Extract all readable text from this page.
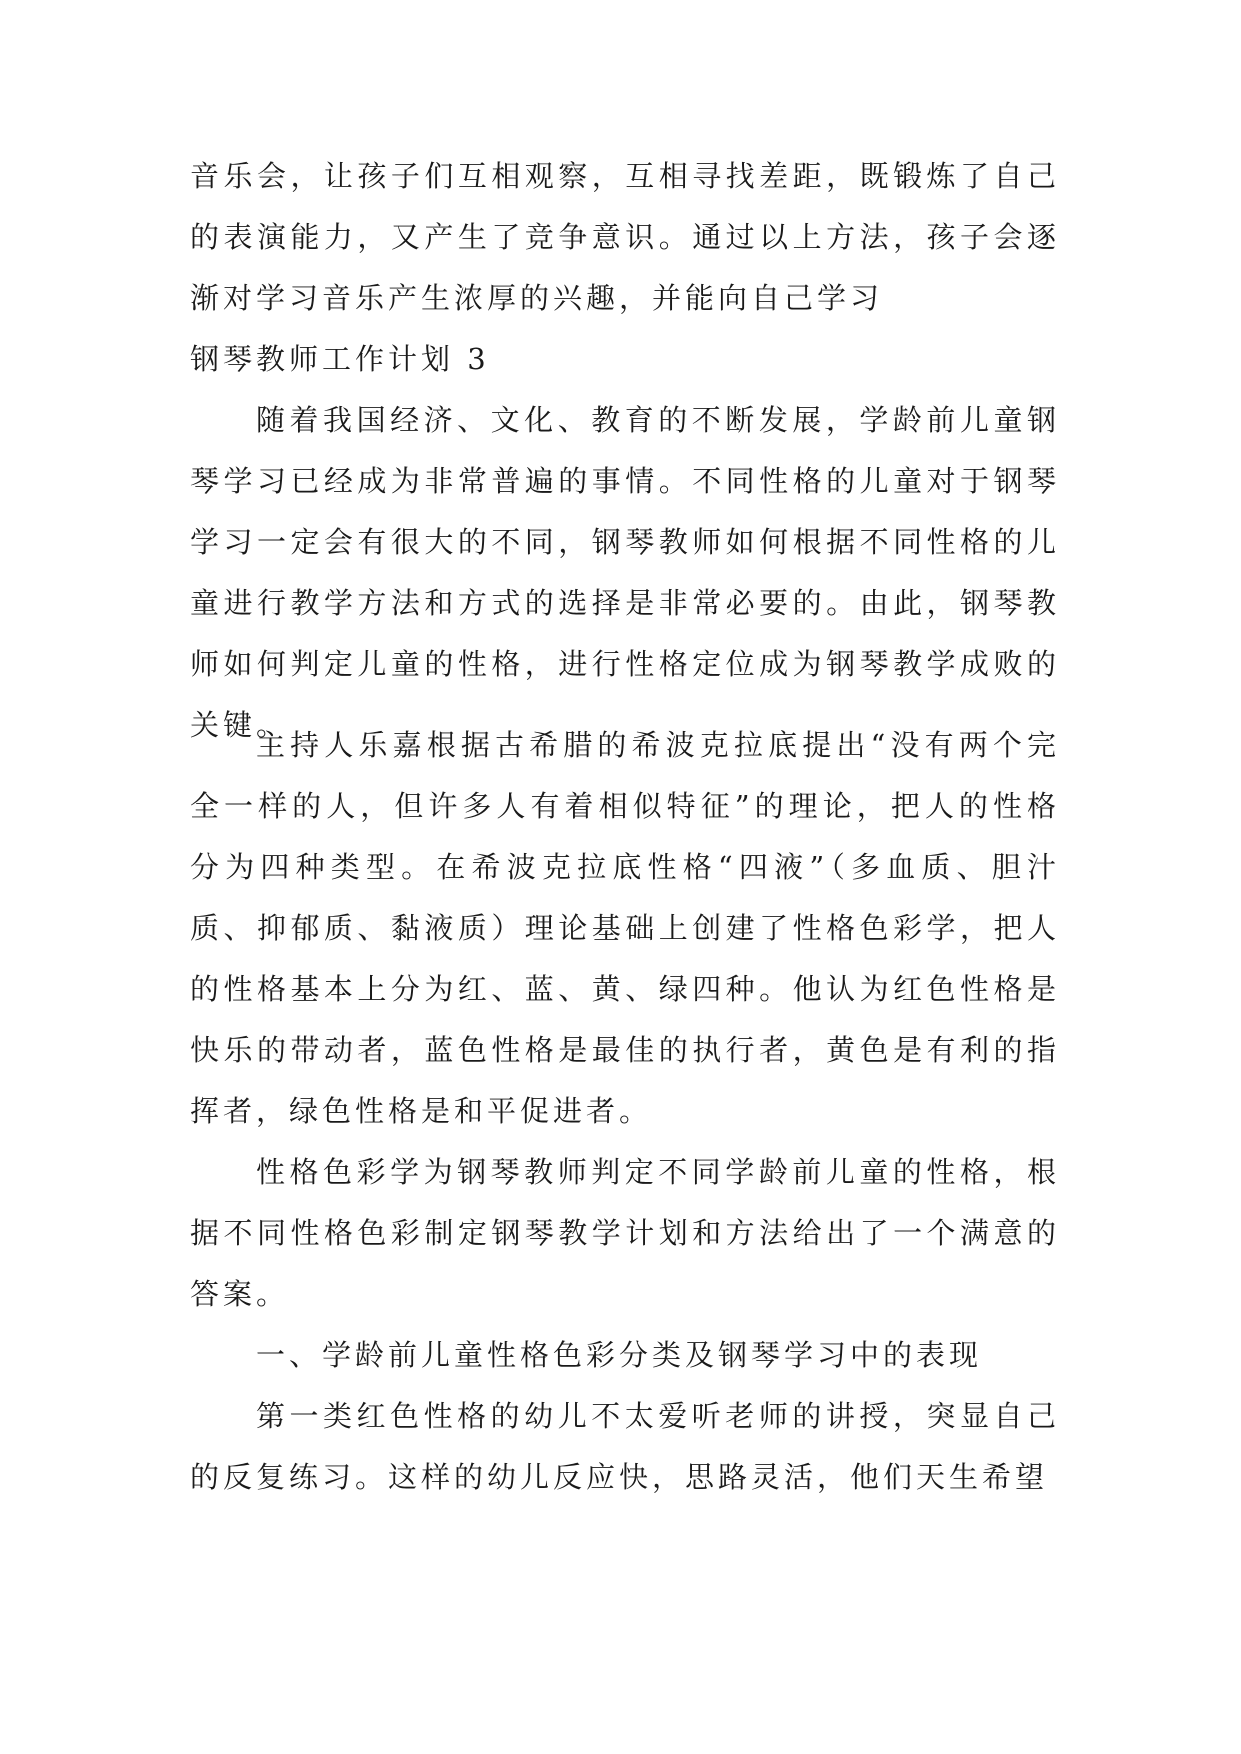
音乐会，让孩子们互相观察，互相寻找差距，既锻炼了自己的表演能力，又产生了竞争意识。通过以上方法，孩子会逐渐对学习音乐产生浓厚的兴趣，并能向自己学习

钢琴教师工作计划 3

随着我国经济、文化、教育的不断发展，学龄前儿童钢琴学习已经成为非常普遍的事情。不同性格的儿童对于钢琴学习一定会有很大的不同，钢琴教师如何根据不同性格的儿童进行教学方法和方式的选择是非常必要的。由此，钢琴教师如何判定儿童的性格，进行性格定位成为钢琴教学成败的关键。

主持人乐嘉根据古希腊的希波克拉底提出“没有两个完全一样的人，但许多人有着相似特征”的理论，把人的性格分为四种类型。在希波克拉底性格“四液”（多血质、胆汁质、抑郁质、黏液质）理论基础上创建了性格色彩学，把人的性格基本上分为红、蓝、黄、绿四种。他认为红色性格是快乐的带动者，蓝色性格是最佳的执行者，黄色是有利的指挥者，绿色性格是和平促进者。

性格色彩学为钢琴教师判定不同学龄前儿童的性格，根据不同性格色彩制定钢琴教学计划和方法给出了一个满意的答案。

一、学龄前儿童性格色彩分类及钢琴学习中的表现

第一类红色性格的幼儿不太爱听老师的讲授，突显自己的反复练习。这样的幼儿反应快，思路灵活，他们天生希望
